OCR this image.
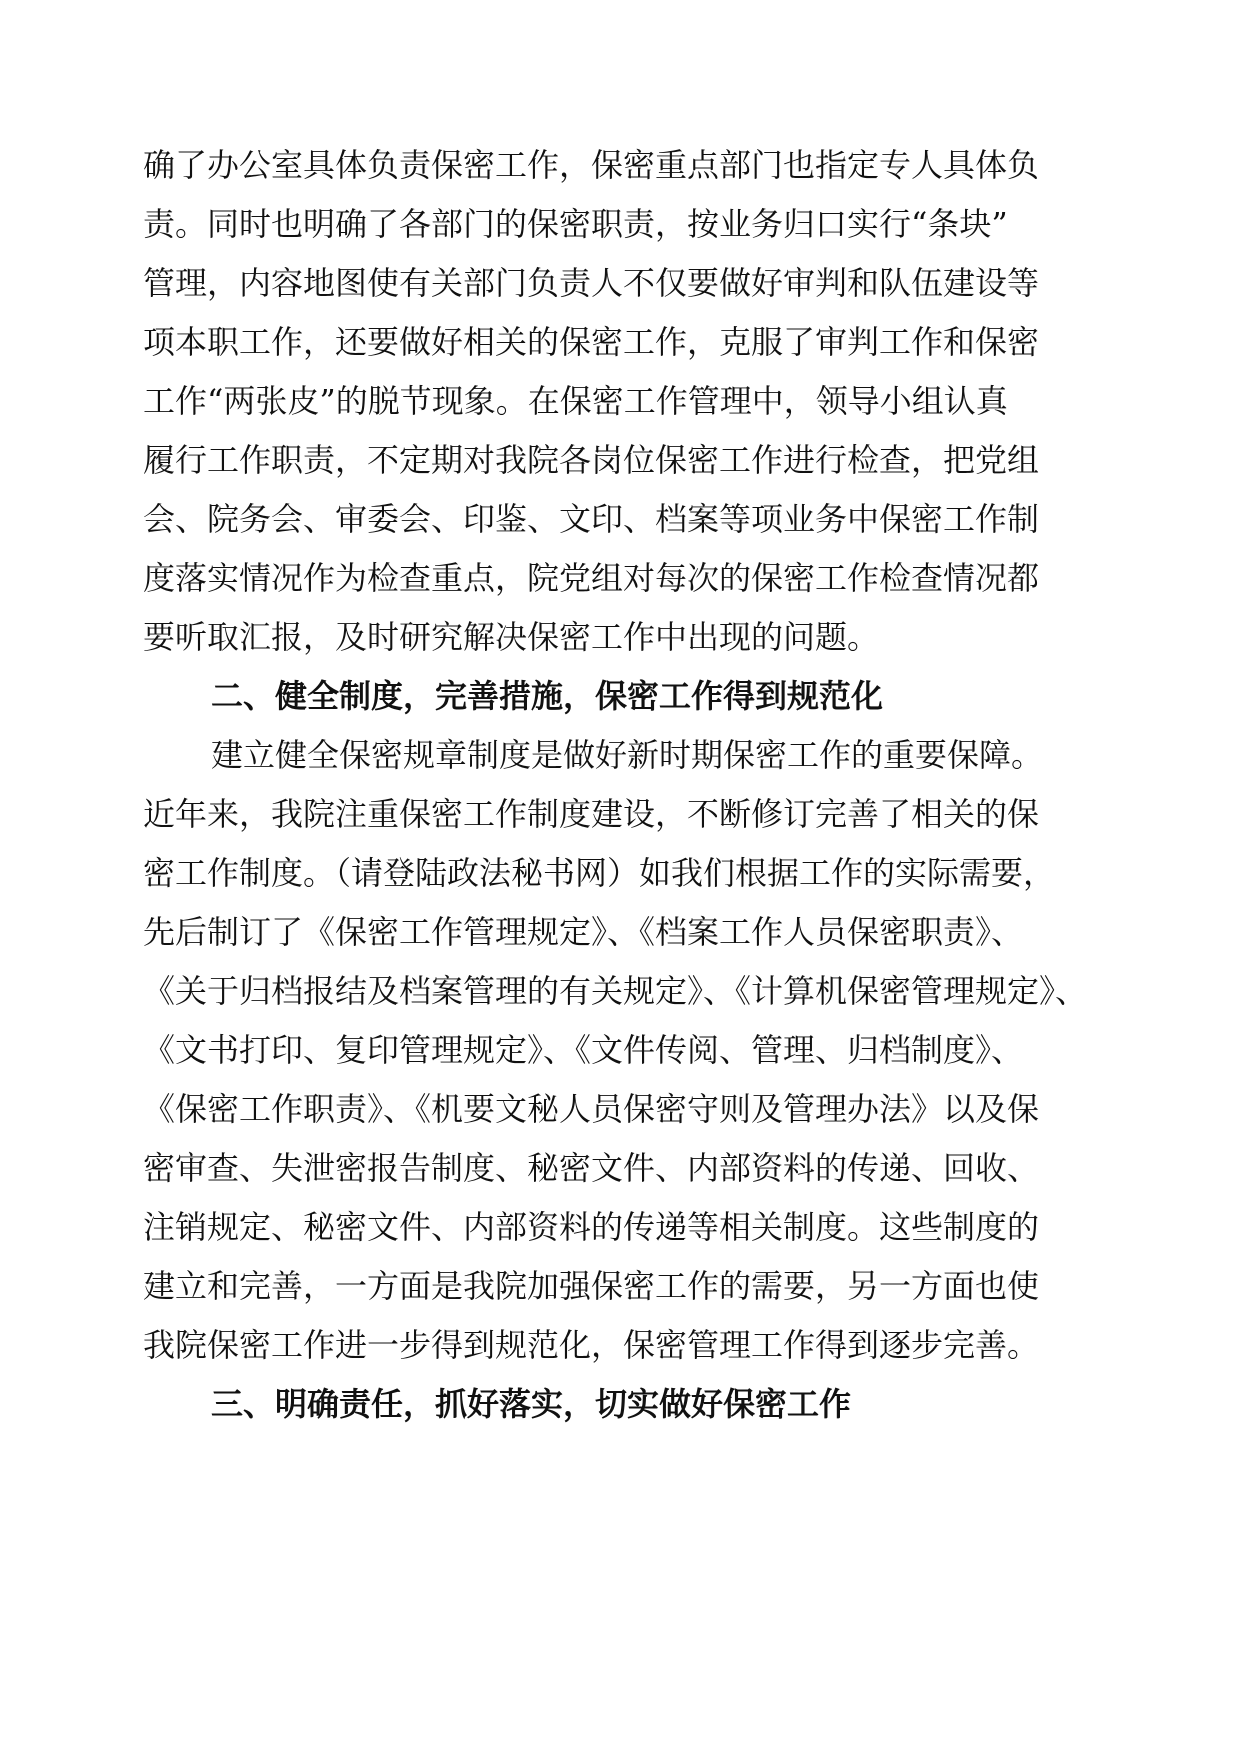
确了办公室具体负责保密工作，保密重点部门也指定专人具体负
责。同时也明确了各部门的保密职责，按业务归口实行“条块”
管理，内容地图使有关部门负责人不仅要做好审判和队伍建设等
项本职工作，还要做好相关的保密工作，克服了审判工作和保密
工作“两张皮”的脱节现象。在保密工作管理中，领导小组认真
履行工作职责，不定期对我院各岗位保密工作进行检查，把党组
会、院务会、审委会、印鉴、文印、档案等项业务中保密工作制
度落实情况作为检查重点，院党组对每次的保密工作检查情况都
要听取汇报，及时研究解决保密工作中出现的问题。
二、健全制度，完善措施，保密工作得到规范化
建立健全保密规章制度是做好新时期保密工作的重要保障。
近年来，我院注重保密工作制度建设，不断修订完善了相关的保
密工作制度。（请登陆政法秘书网）如我们根据工作的实际需要，
先后制订了《保密工作管理规定》、《档案工作人员保密职责》、
《关于归档报结及档案管理的有关规定》、《计算机保密管理规定》、
《文书打印、复印管理规定》、《文件传阅、管理、归档制度》、
《保密工作职责》、《机要文秘人员保密守则及管理办法》以及保
密审查、失泄密报告制度、秘密文件、内部资料的传递、回收、
注销规定、秘密文件、内部资料的传递等相关制度。这些制度的
建立和完善，一方面是我院加强保密工作的需要，另一方面也使
我院保密工作进一步得到规范化，保密管理工作得到逐步完善。
三、明确责任，抓好落实，切实做好保密工作
